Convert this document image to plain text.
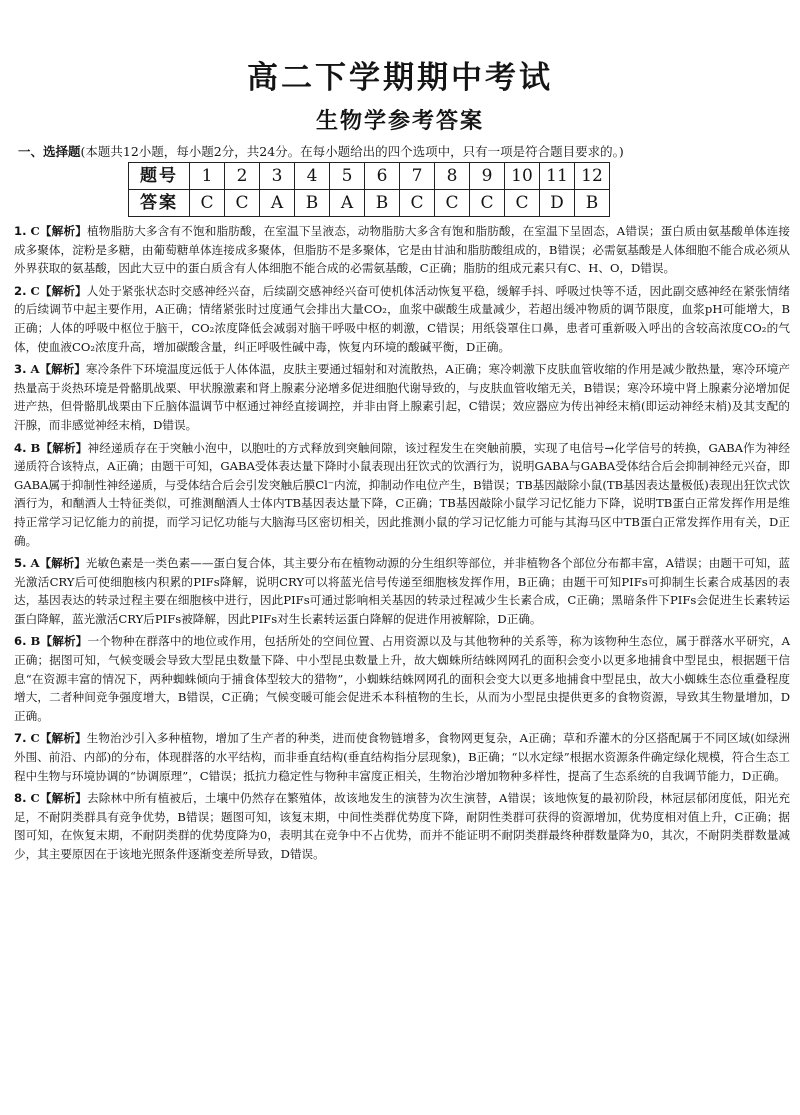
高二下学期期中考试
生物学参考答案
一、选择题(本题共12小题，每小题2分，共24分。在每小题给出的四个选项中，只有一项是符合题目要求的。)
题号	1	2	3	4	5	6	7	8	9	10	11	12
答案	C	C	A	B	A	B	C	C	C	C	D	B

1. C【解析】植物脂肪大多含有不饱和脂肪酸，在室温下呈液态，动物脂肪大多含有饱和脂肪酸，在室温下呈固态，A错误；蛋白质由氨基酸单体连接成多聚体，淀粉是多糖，由葡萄糖单体连接成多聚体，但脂肪不是多聚体，它是由甘油和脂肪酸组成的，B错误；必需氨基酸是人体细胞不能合成必须从外界获取的氨基酸，因此大豆中的蛋白质含有人体细胞不能合成的必需氨基酸，C正确；脂肪的组成元素只有C、H、O，D错误。

2. C【解析】人处于紧张状态时交感神经兴奋，后续副交感神经兴奋可使机体活动恢复平稳，缓解手抖、呼吸过快等不适，因此副交感神经在紧张情绪的后续调节中起主要作用，A正确；情绪紧张时过度通气会排出大量CO₂，血浆中碳酸生成量减少，若超出缓冲物质的调节限度，血浆pH可能增大，B正确；人体的呼吸中枢位于脑干，CO₂浓度降低会减弱对脑干呼吸中枢的刺激，C错误；用纸袋罩住口鼻，患者可重新吸入呼出的含较高浓度CO₂的气体，使血液CO₂浓度升高，增加碳酸含量，纠正呼吸性碱中毒，恢复内环境的酸碱平衡，D正确。

3. A【解析】寒冷条件下环境温度远低于人体体温，皮肤主要通过辐射和对流散热，A正确；寒冷刺激下皮肤血管收缩的作用是减少散热量，寒冷环境产热量高于炎热环境是骨骼肌战栗、甲状腺激素和肾上腺素分泌增多促进细胞代谢导致的，与皮肤血管收缩无关，B错误；寒冷环境中肾上腺素分泌增加促进产热，但骨骼肌战栗由下丘脑体温调节中枢通过神经直接调控，并非由肾上腺素引起，C错误；效应器应为传出神经末梢(即运动神经末梢)及其支配的汗腺，而非感觉神经末梢，D错误。

4. B【解析】神经递质存在于突触小泡中，以胞吐的方式释放到突触间隙，该过程发生在突触前膜，实现了电信号→化学信号的转换，GABA作为神经递质符合该特点，A正确；由题干可知，GABA受体表达量下降时小鼠表现出狂饮式的饮酒行为，说明GABA与GABA受体结合后会抑制神经元兴奋，即GABA属于抑制性神经递质，与受体结合后会引发突触后膜Cl⁻内流，抑制动作电位产生，B错误；TB基因敲除小鼠(TB基因表达量极低)表现出狂饮式饮酒行为，和酗酒人士特征类似，可推测酗酒人士体内TB基因表达量下降，C正确；TB基因敲除小鼠学习记忆能力下降，说明TB蛋白正常发挥作用是维持正常学习记忆能力的前提，而学习记忆功能与大脑海马区密切相关，因此推测小鼠的学习记忆能力可能与其海马区中TB蛋白正常发挥作用有关，D正确。

5. A【解析】光敏色素是一类色素——蛋白复合体，其主要分布在植物动源的分生组织等部位，并非植物各个部位分布都丰富，A错误；由题干可知，蓝光激活CRY后可使细胞核内积累的PIFs降解，说明CRY可以将蓝光信号传递至细胞核发挥作用，B正确；由题干可知PIFs可抑制生长素合成基因的表达，基因表达的转录过程主要在细胞核中进行，因此PIFs可通过影响相关基因的转录过程减少生长素合成，C正确；黑暗条件下PIFs会促进生长素转运蛋白降解，蓝光激活CRY后PIFs被降解，因此PIFs对生长素转运蛋白降解的促进作用被解除，D正确。

6. B【解析】一个物种在群落中的地位或作用，包括所处的空间位置、占用资源以及与其他物种的关系等，称为该物种生态位，属于群落水平研究，A正确；据图可知，气候变暖会导致大型昆虫数量下降、中小型昆虫数量上升，故大蜘蛛所结蛛网网孔的面积会变小以更多地捕食中型昆虫，根据题干信息“在资源丰富的情况下，两种蜘蛛倾向于捕食体型较大的猎物”，小蜘蛛结蛛网网孔的面积会变大以更多地捕食中型昆虫，故大小蜘蛛生态位重叠程度增大，二者种间竞争强度增大，B错误，C正确；气候变暖可能会促进禾本科植物的生长，从而为小型昆虫提供更多的食物资源，导致其生物量增加，D正确。

7. C【解析】生物治沙引入多种植物，增加了生产者的种类，进而使食物链增多，食物网更复杂，A正确；草和乔灌木的分区搭配属于不同区域(如绿洲外围、前沿、内部)的分布，体现群落的水平结构，而非垂直结构(垂直结构指分层现象)，B正确；“以水定绿”根据水资源条件确定绿化规模，符合生态工程中生物与环境协调的“协调原理”，C错误；抵抗力稳定性与物种丰富度正相关，生物治沙增加物种多样性，提高了生态系统的自我调节能力，D正确。

8. C【解析】去除林中所有植被后，土壤中仍然存在繁殖体，故该地发生的演替为次生演替，A错误；该地恢复的最初阶段，林冠层郁闭度低，阳光充足，不耐阴类群具有竞争优势，B错误；题图可知，该复末期，中间性类群优势度下降，耐阴性类群可获得的资源增加，优势度相对值上升，C正确；据图可知，在恢复末期，不耐阴类群的优势度降为0，表明其在竞争中不占优势，而并不能证明不耐阴类群最终种群数量降为0，其次，不耐阴类群数量减少，其主要原因在于该地光照条件逐渐变差所导致，D错误。
